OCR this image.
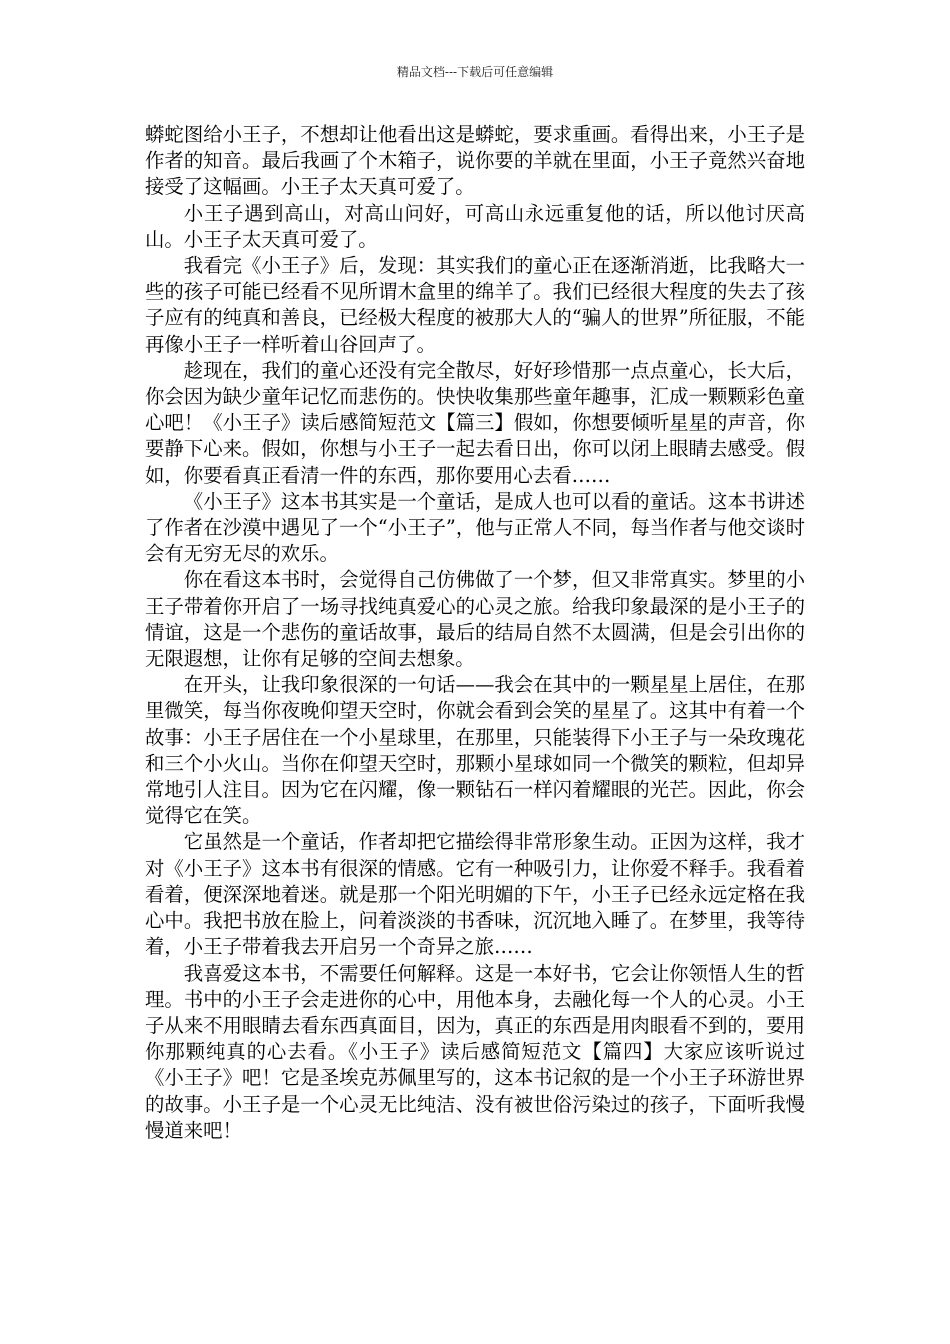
精品文档---下载后可任意编辑

蟒蛇图给小王子，不想却让他看出这是蟒蛇，要求重画。看得出来，小王子是作者的知音。最后我画了个木箱子，说你要的羊就在里面，小王子竟然兴奋地接受了这幅画。小王子太天真可爱了。

小王子遇到高山，对高山问好，可高山永远重复他的话，所以他讨厌高山。小王子太天真可爱了。

我看完《小王子》后，发现：其实我们的童心正在逐渐消逝，比我略大一些的孩子可能已经看不见所谓木盒里的绵羊了。我们已经很大程度的失去了孩子应有的纯真和善良，已经极大程度的被那大人的“骗人的世界”所征服，不能再像小王子一样听着山谷回声了。

趁现在，我们的童心还没有完全散尽，好好珍惜那一点点童心，长大后，你会因为缺少童年记忆而悲伤的。快快收集那些童年趣事，汇成一颗颗彩色童心吧！《小王子》读后感简短范文【篇三】假如，你想要倾听星星的声音，你要静下心来。假如，你想与小王子一起去看日出，你可以闭上眼睛去感受。假如，你要看真正看清一件的东西，那你要用心去看……

《小王子》这本书其实是一个童话，是成人也可以看的童话。这本书讲述了作者在沙漠中遇见了一个“小王子”，他与正常人不同，每当作者与他交谈时会有无穷无尽的欢乐。

你在看这本书时，会觉得自己仿佛做了一个梦，但又非常真实。梦里的小王子带着你开启了一场寻找纯真爱心的心灵之旅。给我印象最深的是小王子的情谊，这是一个悲伤的童话故事，最后的结局自然不太圆满，但是会引出你的无限遐想，让你有足够的空间去想象。

在开头，让我印象很深的一句话——我会在其中的一颗星星上居住，在那里微笑，每当你夜晚仰望天空时，你就会看到会笑的星星了。这其中有着一个故事：小王子居住在一个小星球里，在那里，只能装得下小王子与一朵玫瑰花和三个小火山。当你在仰望天空时，那颗小星球如同一个微笑的颗粒，但却异常地引人注目。因为它在闪耀，像一颗钻石一样闪着耀眼的光芒。因此，你会觉得它在笑。

它虽然是一个童话，作者却把它描绘得非常形象生动。正因为这样，我才对《小王子》这本书有很深的情感。它有一种吸引力，让你爱不释手。我看着看着，便深深地着迷。就是那一个阳光明媚的下午，小王子已经永远定格在我心中。我把书放在脸上，问着淡淡的书香味，沉沉地入睡了。在梦里，我等待着，小王子带着我去开启另一个奇异之旅……

我喜爱这本书，不需要任何解释。这是一本好书，它会让你领悟人生的哲理。书中的小王子会走进你的心中，用他本身，去融化每一个人的心灵。小王子从来不用眼睛去看东西真面目，因为，真正的东西是用肉眼看不到的，要用你那颗纯真的心去看。《小王子》读后感简短范文【篇四】大家应该听说过《小王子》吧！它是圣埃克苏佩里写的，这本书记叙的是一个小王子环游世界的故事。小王子是一个心灵无比纯洁、没有被世俗污染过的孩子，下面听我慢慢道来吧！
